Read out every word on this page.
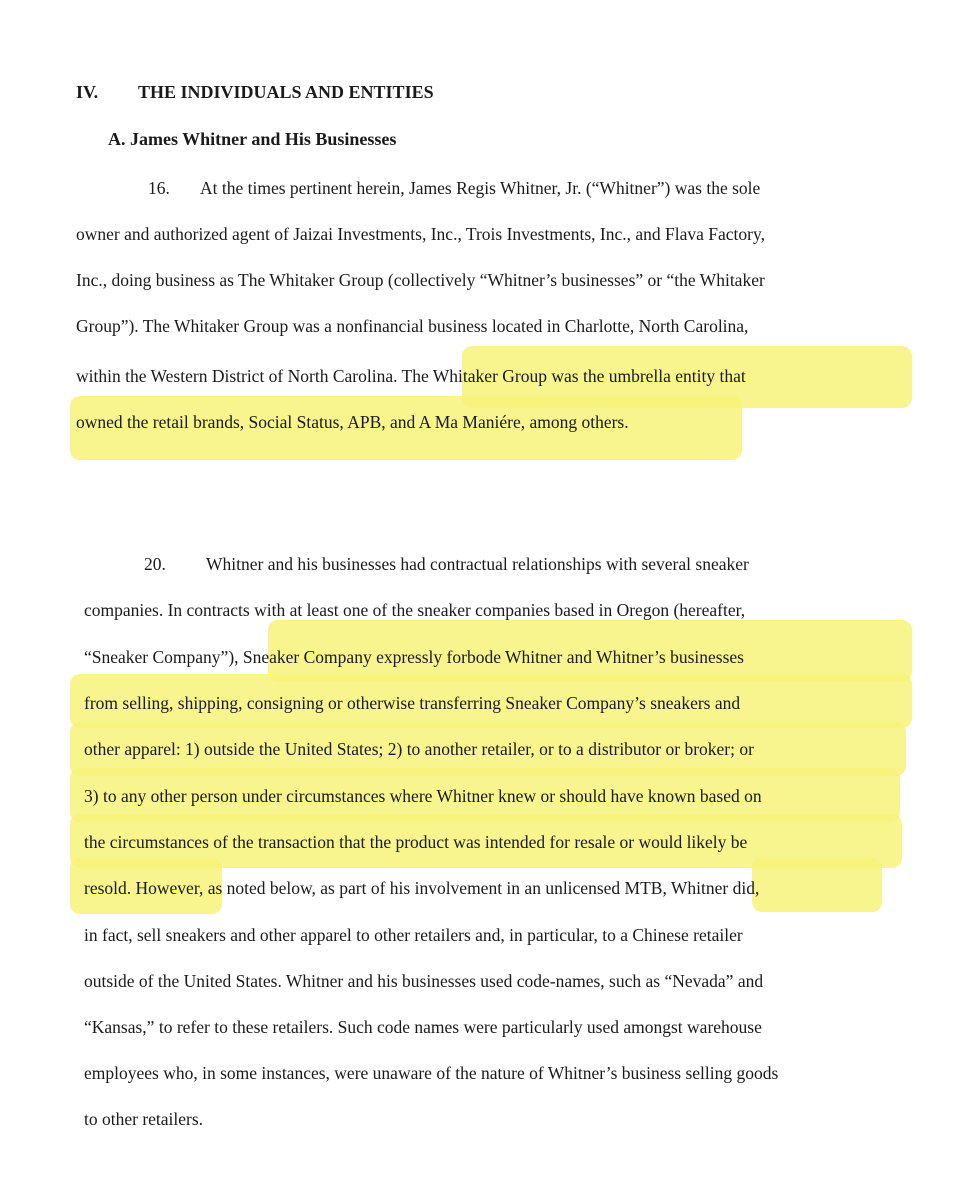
IV. THE INDIVIDUALS AND ENTITIES

A. James Whitner and His Businesses

16. At the times pertinent herein, James Regis Whitner, Jr. (“Whitner”) was the sole

owner and authorized agent of Jaizai Investments, Inc., Trois Investments, Inc., and Flava Factory,

Inc., doing business as The Whitaker Group (collectively “Whitner’s businesses” or “the Whitaker

Group”). The Whitaker Group was a nonfinancial business located in Charlotte, North Carolina,

within the Western District of North Carolina. The Whitaker Group was the umbrella entity that

owned the retail brands, Social Status, APB, and A Ma Maniére, among others.

20. Whitner and his businesses had contractual relationships with several sneaker

companies. In contracts with at least one of the sneaker companies based in Oregon (hereafter,

“Sneaker Company”), Sneaker Company expressly forbode Whitner and Whitner’s businesses

from selling, shipping, consigning or otherwise transferring Sneaker Company’s sneakers and

other apparel: 1) outside the United States; 2) to another retailer, or to a distributor or broker; or

3) to any other person under circumstances where Whitner knew or should have known based on

the circumstances of the transaction that the product was intended for resale or would likely be

resold. However, as noted below, as part of his involvement in an unlicensed MTB, Whitner did,

in fact, sell sneakers and other apparel to other retailers and, in particular, to a Chinese retailer

outside of the United States. Whitner and his businesses used code-names, such as “Nevada” and

“Kansas,” to refer to these retailers. Such code names were particularly used amongst warehouse

employees who, in some instances, were unaware of the nature of Whitner’s business selling goods

to other retailers.
